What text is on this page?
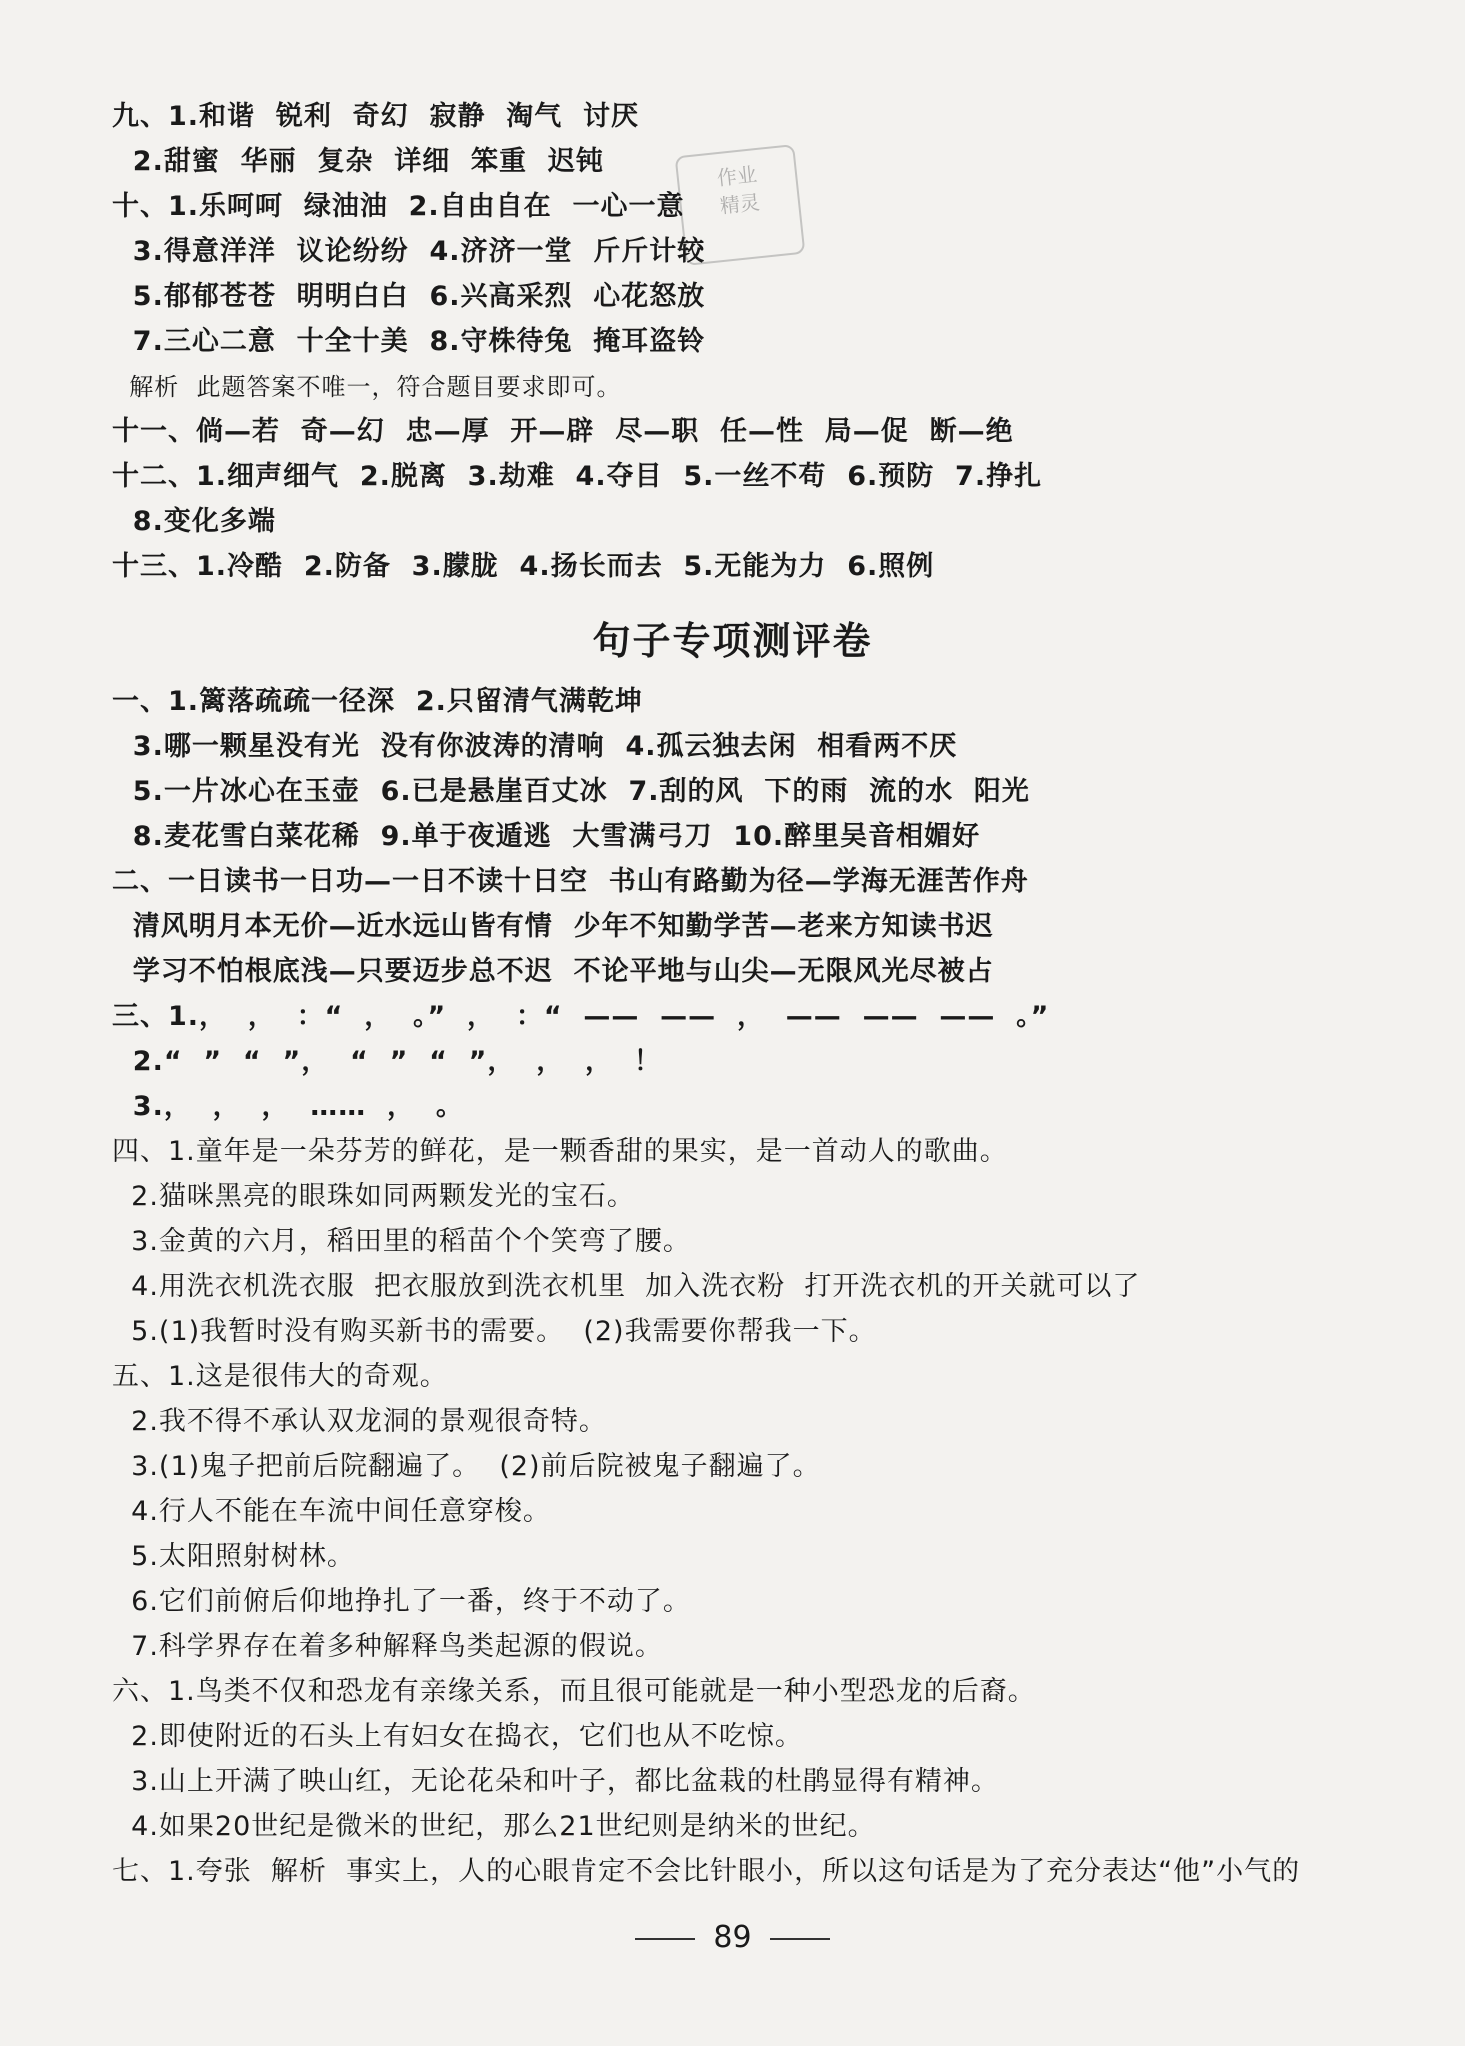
作业
精灵
九、1.和谐  锐利  奇幻  寂静  淘气  讨厌
2.甜蜜  华丽  复杂  详细  笨重  迟钝
十、1.乐呵呵  绿油油  2.自由自在  一心一意
3.得意洋洋  议论纷纷  4.济济一堂  斤斤计较
5.郁郁苍苍  明明白白  6.兴高采烈  心花怒放
7.三心二意  十全十美  8.守株待兔  掩耳盗铃
解析  此题答案不唯一，符合题目要求即可。
十一、倘—若  奇—幻  忠—厚  开—辟  尽—职  任—性  局—促  断—绝
十二、1.细声细气  2.脱离  3.劫难  4.夺目  5.一丝不苟  6.预防  7.挣扎
8.变化多端
十三、1.冷酷  2.防备  3.朦胧  4.扬长而去  5.无能为力  6.照例
句子专项测评卷
一、1.篱落疏疏一径深  2.只留清气满乾坤
3.哪一颗星没有光  没有你波涛的清响  4.孤云独去闲  相看两不厌
5.一片冰心在玉壶  6.已是悬崖百丈冰  7.刮的风  下的雨  流的水  阳光
8.麦花雪白菜花稀  9.单于夜遁逃  大雪满弓刀  10.醉里吴音相媚好
二、一日读书一日功—一日不读十日空  书山有路勤为径—学海无涯苦作舟
清风明月本无价—近水远山皆有情  少年不知勤学苦—老来方知读书迟
学习不怕根底浅—只要迈步总不迟  不论平地与山尖—无限风光尽被占
三、1.，  ，  ：“  ，  。”  ，  ：“  ——  ——  ，  ——  ——  ——  。”
2.“  ”  “  ”，  “  ”  “  ”，  ，  ，  ！
3.，  ，  ，  ……  ，  。
四、1.童年是一朵芬芳的鲜花，是一颗香甜的果实，是一首动人的歌曲。
2.猫咪黑亮的眼珠如同两颗发光的宝石。
3.金黄的六月，稻田里的稻苗个个笑弯了腰。
4.用洗衣机洗衣服  把衣服放到洗衣机里  加入洗衣粉  打开洗衣机的开关就可以了
5.(1)我暂时没有购买新书的需要。  (2)我需要你帮我一下。
五、1.这是很伟大的奇观。
2.我不得不承认双龙洞的景观很奇特。
3.(1)鬼子把前后院翻遍了。  (2)前后院被鬼子翻遍了。
4.行人不能在车流中间任意穿梭。
5.太阳照射树林。
6.它们前俯后仰地挣扎了一番，终于不动了。
7.科学界存在着多种解释鸟类起源的假说。
六、1.鸟类不仅和恐龙有亲缘关系，而且很可能就是一种小型恐龙的后裔。
2.即使附近的石头上有妇女在捣衣，它们也从不吃惊。
3.山上开满了映山红，无论花朵和叶子，都比盆栽的杜鹃显得有精神。
4.如果20世纪是微米的世纪，那么21世纪则是纳米的世纪。
七、1.夸张  解析  事实上，人的心眼肯定不会比针眼小，所以这句话是为了充分表达“他”小气的
89
